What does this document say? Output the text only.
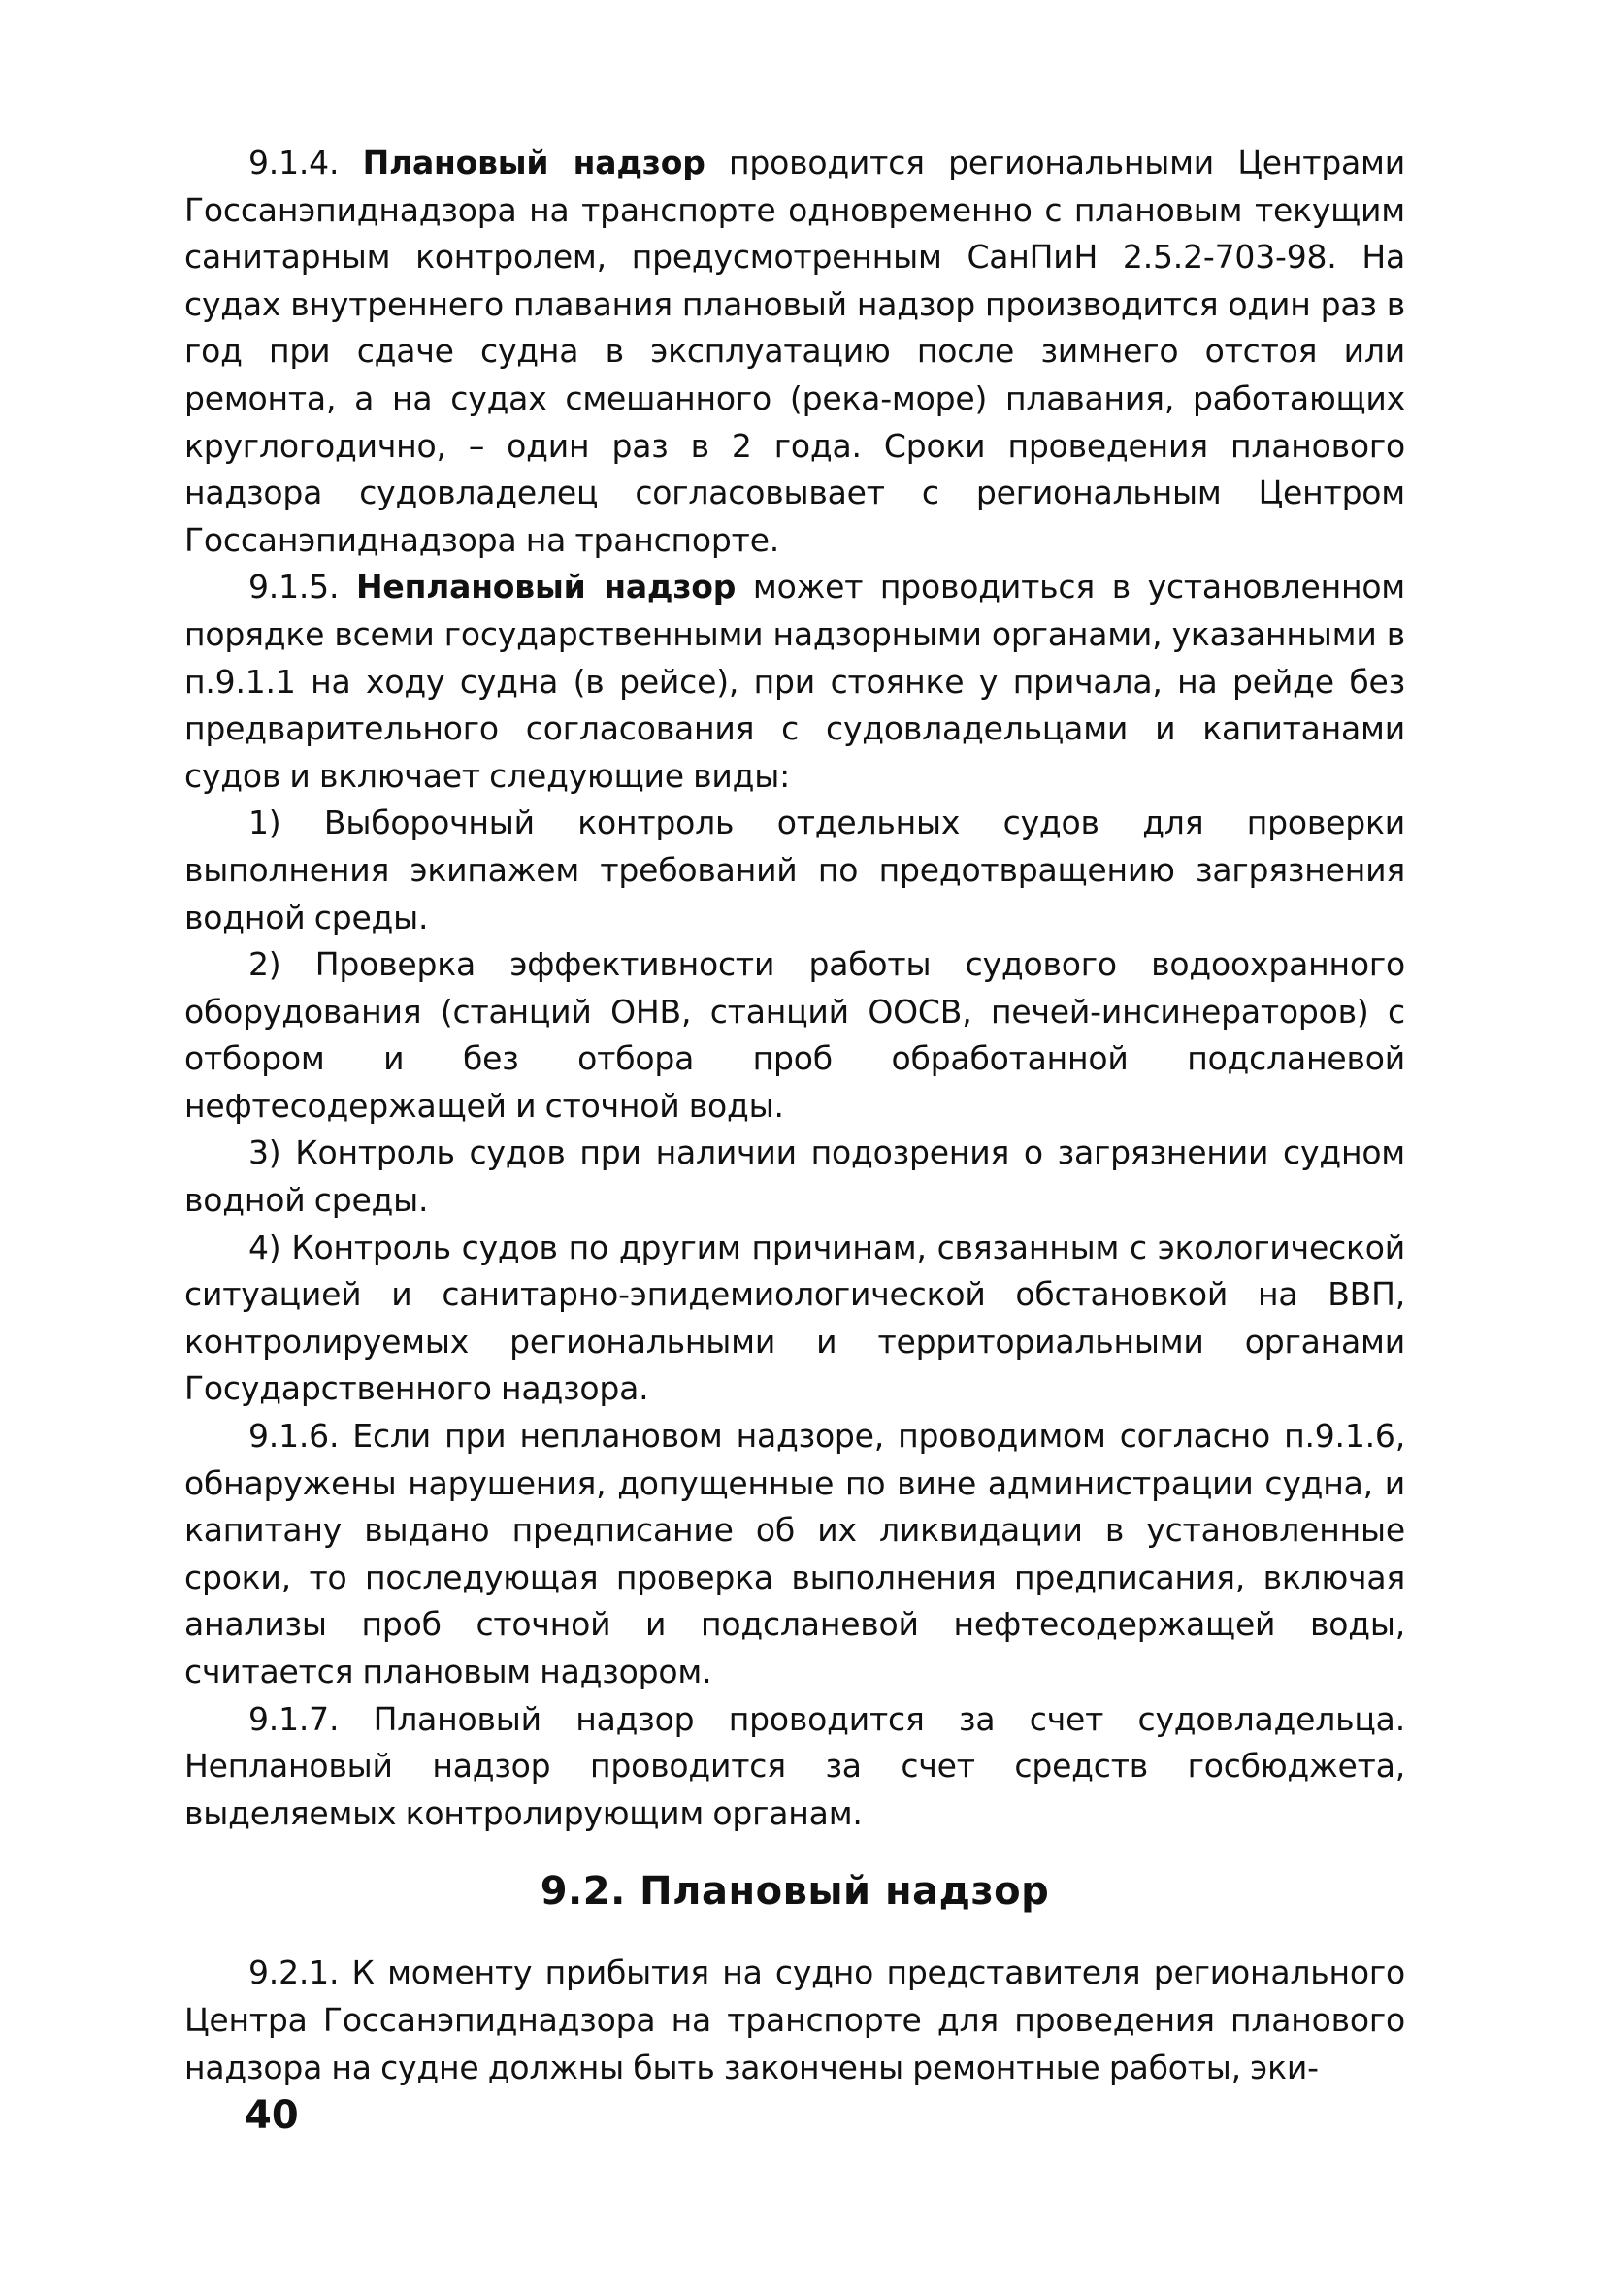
9.1.4. Плановый надзор проводится региональными Центрами Госсанэпиднадзора на транспорте одновременно с плановым текущим санитарным контролем, предусмотренным СанПиН 2.5.2-703-98. На судах внутреннего плавания плановый надзор производится один раз в год при сдаче судна в эксплуатацию после зимнего отстоя или ремонта, а на судах смешанного (река-море) плавания, работающих круглогодично, – один раз в 2 года. Сроки проведения планового надзора судовладелец согласовывает с региональным Центром Госсанэпиднадзора на транспорте.

9.1.5. Неплановый надзор может проводиться в установленном порядке всеми государственными надзорными органами, указанными в п.9.1.1 на ходу судна (в рейсе), при стоянке у причала, на рейде без предварительного согласования с судовладельцами и капитанами судов и включает следующие виды:

1) Выборочный контроль отдельных судов для проверки выполнения экипажем требований по предотвращению загрязнения водной среды.

2) Проверка эффективности работы судового водоохранного оборудования (станций ОНВ, станций ООСВ, печей-инсинераторов) с отбором и без отбора проб обработанной подсланевой нефтесодержащей и сточной воды.

3) Контроль судов при наличии подозрения о загрязнении судном водной среды.

4) Контроль судов по другим причинам, связанным с экологической ситуацией и санитарно-эпидемиологической обстановкой на ВВП, контролируемых региональными и территориальными органами Государственного надзора.

9.1.6. Если при неплановом надзоре, проводимом согласно п.9.1.6, обнаружены нарушения, допущенные по вине администрации судна, и капитану выдано предписание об их ликвидации в установленные сроки, то последующая проверка выполнения предписания, включая анализы проб сточной и подсланевой нефтесодержащей воды, считается плановым надзором.

9.1.7. Плановый надзор проводится за счет судовладельца. Неплановый надзор проводится за счет средств госбюджета, выделяемых контролирующим органам.

9.2. Плановый надзор

9.2.1. К моменту прибытия на судно представителя регионального Центра Госсанэпиднадзора на транспорте для проведения планового надзора на судне должны быть закончены ремонтные работы, эки-

40
